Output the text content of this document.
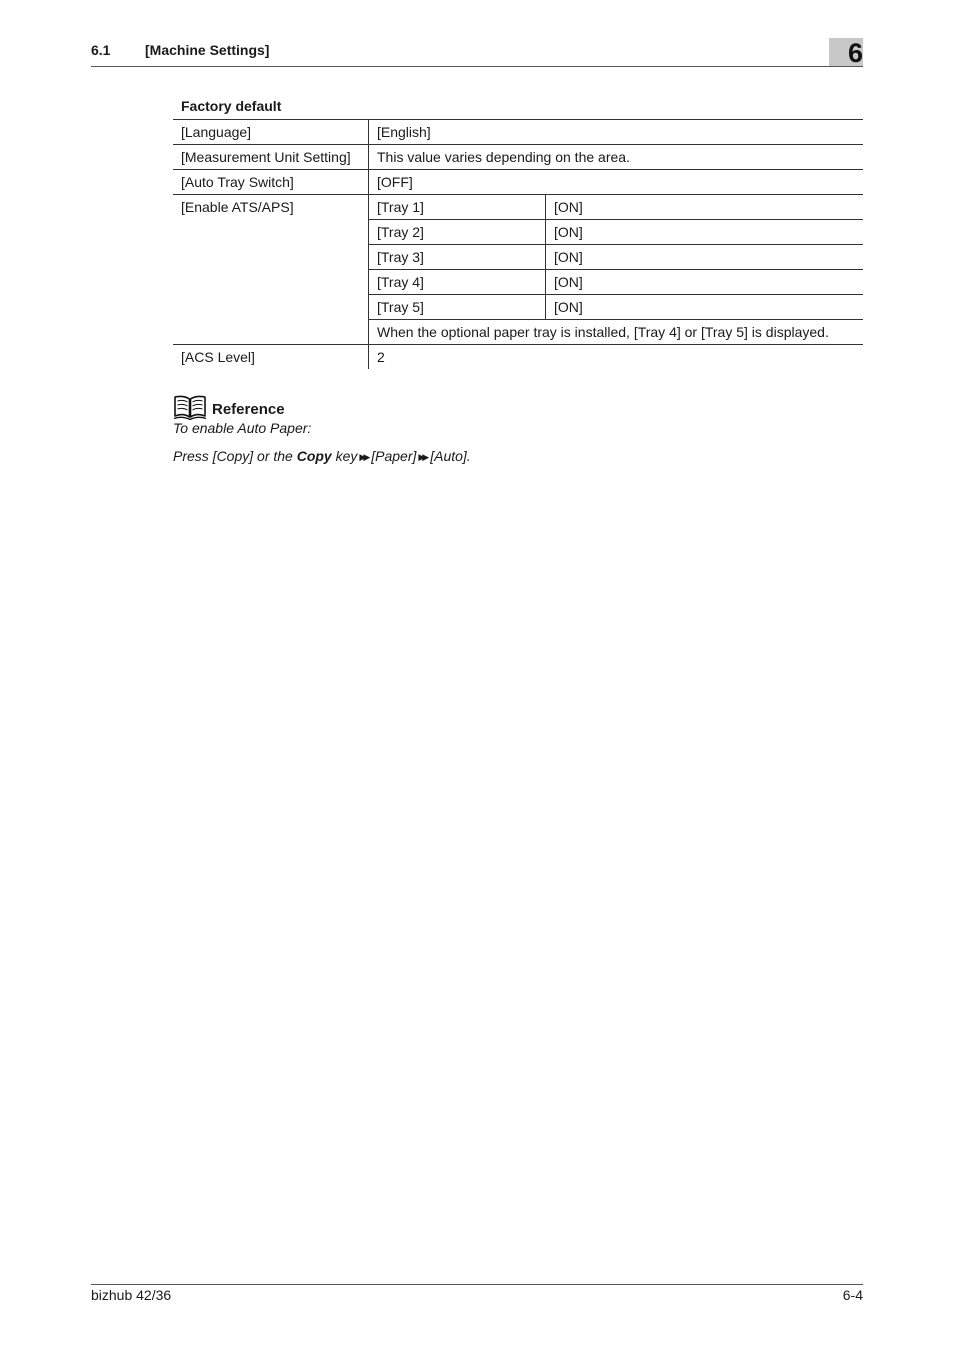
6.1 [Machine Settings]	6
Factory default
[Language]	[English]	
[Measurement Unit Setting]	This value varies depending on the area.	
[Auto Tray Switch]	[OFF]	
[Enable ATS/APS]	[Tray 1]	[ON]
	[Tray 2]	[ON]
	[Tray 3]	[ON]
	[Tray 4]	[ON]
	[Tray 5]	[ON]
	When the optional paper tray is installed, [Tray 4] or [Tray 5] is displayed.	
[ACS Level]	2	
Reference
To enable Auto Paper:
Press [Copy] or the Copy key ▶▶ [Paper] ▶▶ [Auto].
bizhub 42/36	6-4
